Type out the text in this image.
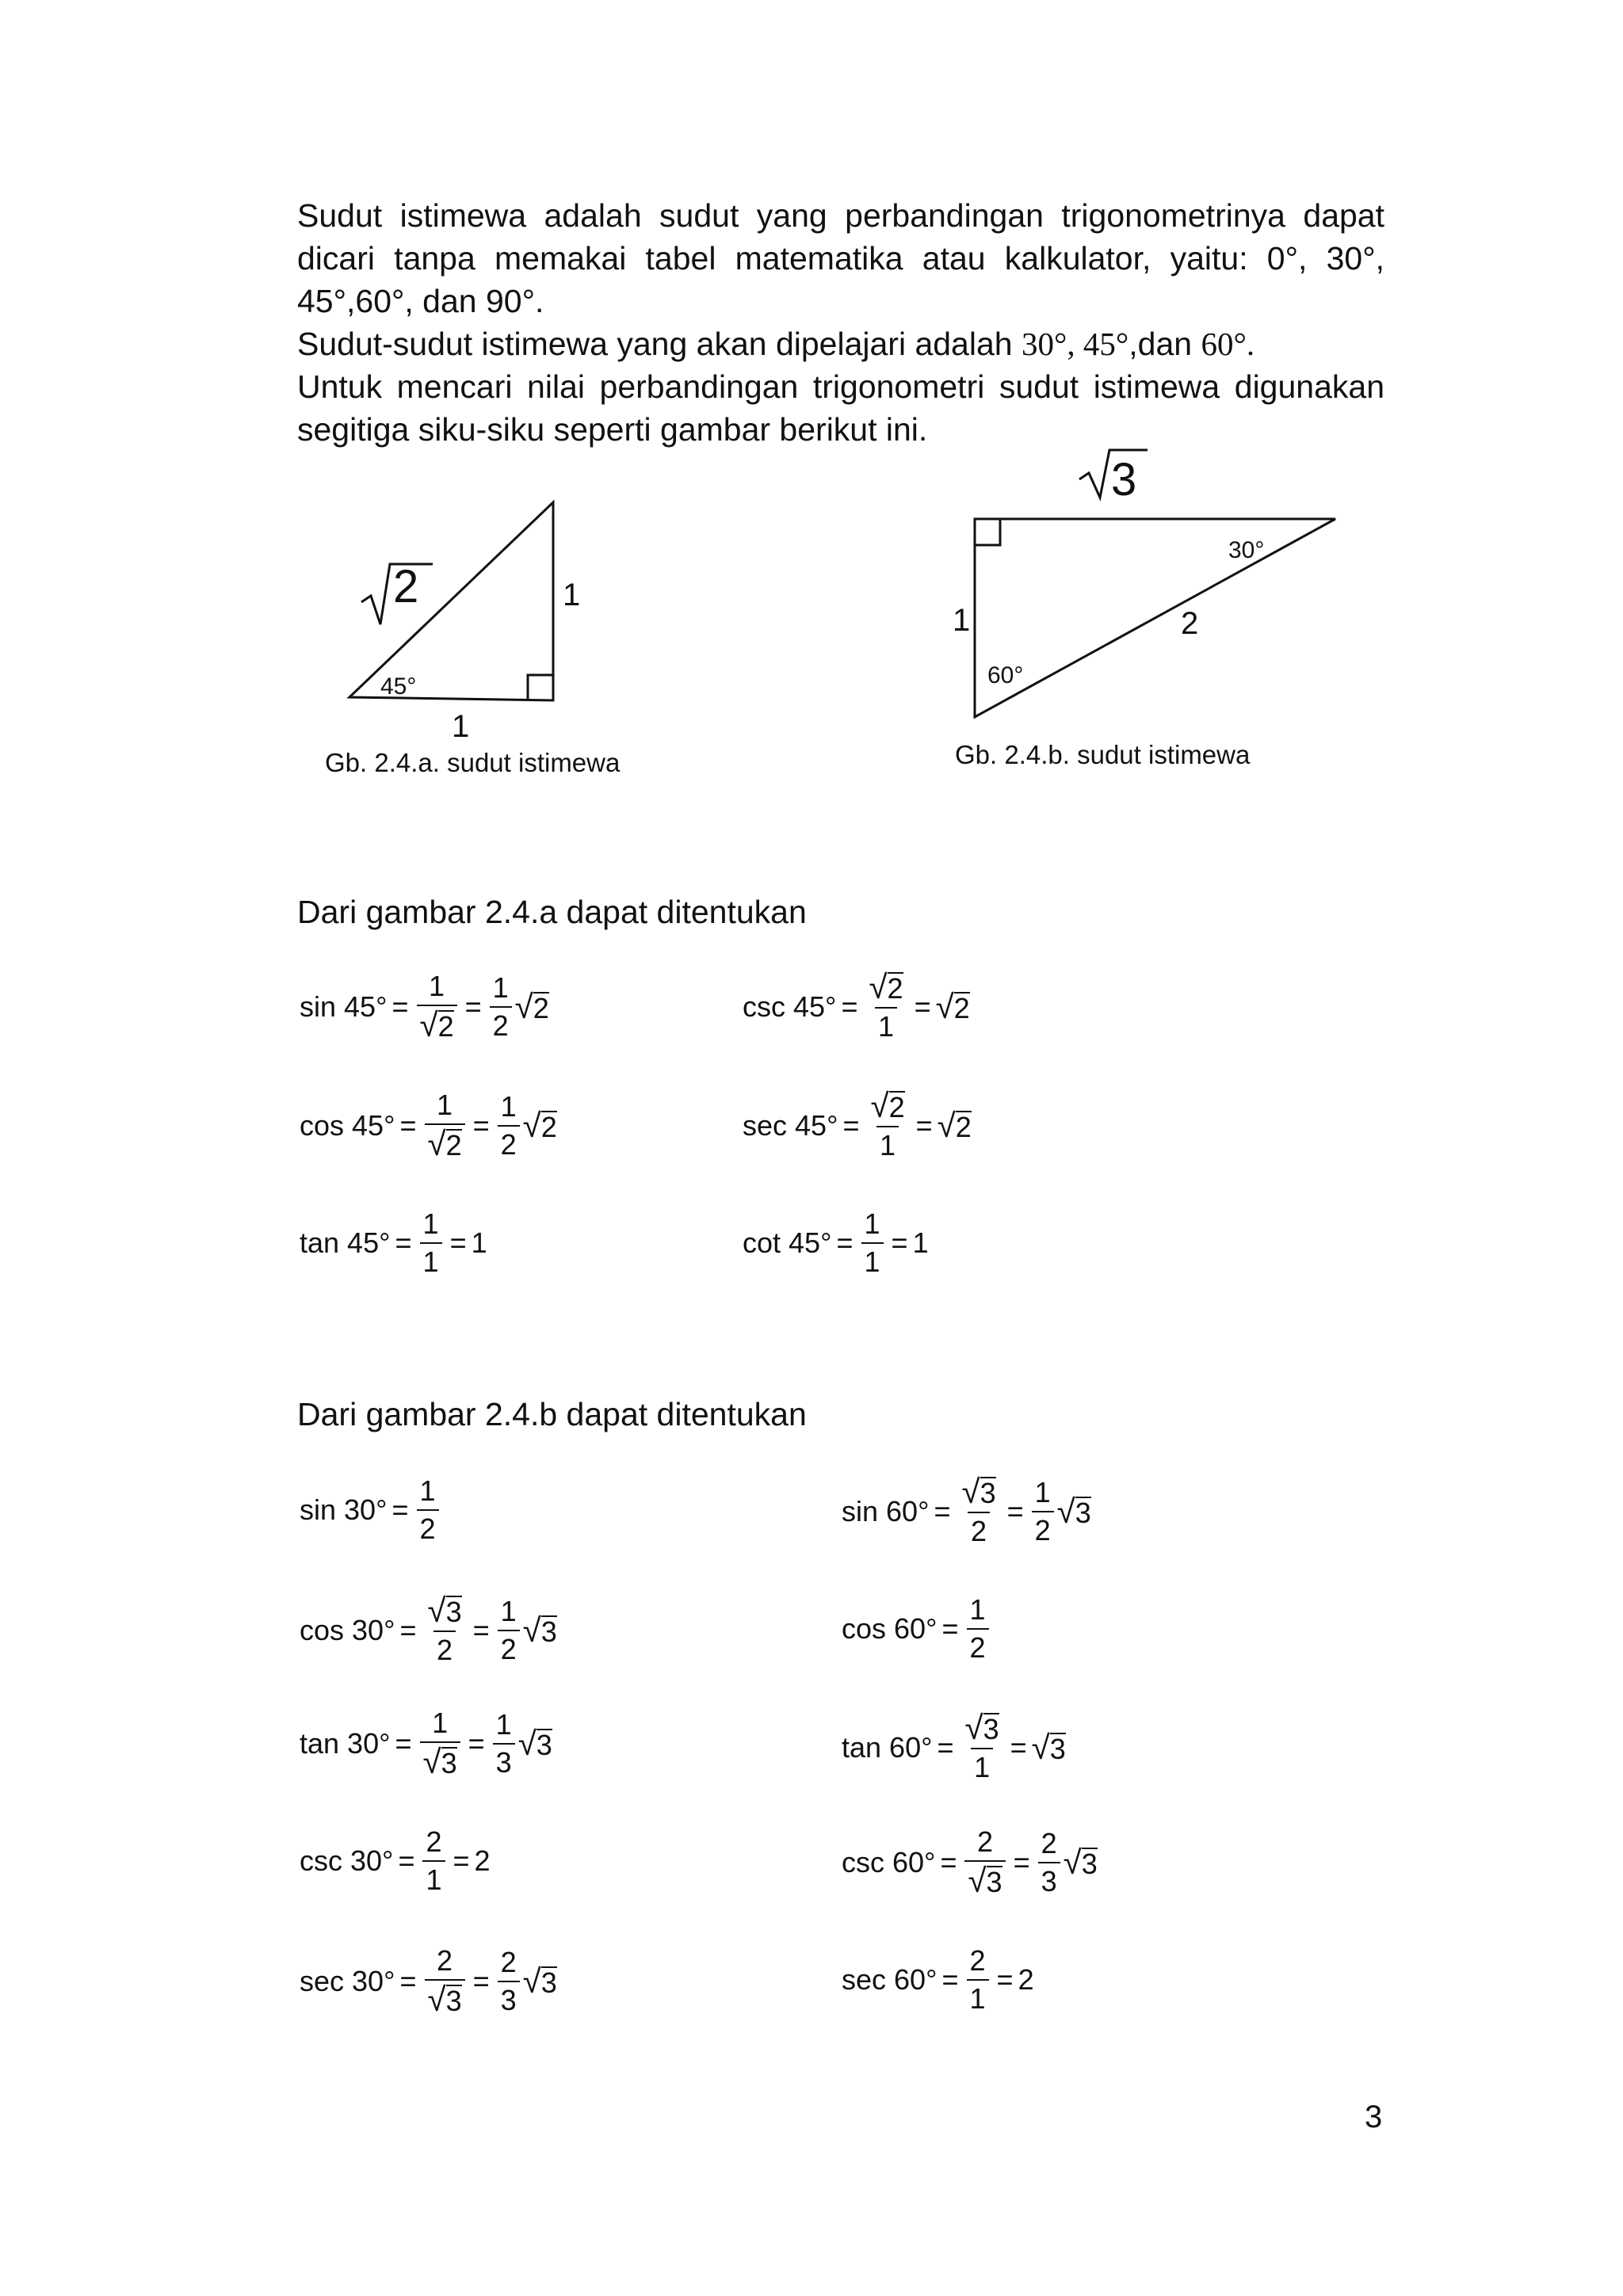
Sudut istimewa adalah sudut yang perbandingan trigonometrinya dapat dicari tanpa memakai tabel matematika atau kalkulator, yaitu: 0°, 30°, 45°,60°, dan 90°.

Sudut-sudut istimewa yang akan dipelajari adalah 30°, 45°,dan 60°.

Untuk mencari nilai perbandingan trigonometri sudut istimewa digunakan segitiga siku-siku seperti gambar berikut ini.

2	1
1
45°
3
1	2
30°
60°
Gb. 2.4.a. sudut istimewa	Gb. 2.4.b. sudut istimewa
Dari gambar 2.4.a dapat ditentukan
$\sin 45^\circ = \frac{1}{√ 2} = \frac{1}{2}$ √ 2	$\csc 45^\circ = \frac{√ 2}{1}$ = √ 2
$\cos 45^\circ = \frac{1}{√ 2} = \frac{1}{2}$ √ 2	$\sec 45^\circ = \frac{√ 2}{1}$ = √ 2
$\tan 45^\circ = \frac{1}{1} = 1$	$\cot 45^\circ = \frac{1}{1} = 1$
Dari gambar 2.4.b dapat ditentukan
$\sin 30^\circ = \frac{1}{2}$	$\sin 60^\circ = \frac{√ 3}{2} = \frac{1}{2}$ √ 3
$\cos 30^\circ = \frac{√ 3}{2} = \frac{1}{2}$ √ 3	$\cos 60^\circ = \frac{1}{2}$
$\tan 30^\circ = \frac{1}{√ 3} = \frac{1}{3}$ √ 3	$\tan 60^\circ = \frac{√ 3}{1}$ = √ 3
$\csc 30^\circ = \frac{2}{1} = 2$	$\csc 60^\circ = \frac{2}{√ 3} = \frac{2}{3}$ √ 3
$\sec 30^\circ = \frac{2}{√ 3} = \frac{2}{3}$ √ 3	$\sec 60^\circ = \frac{2}{1} = 2$
3
